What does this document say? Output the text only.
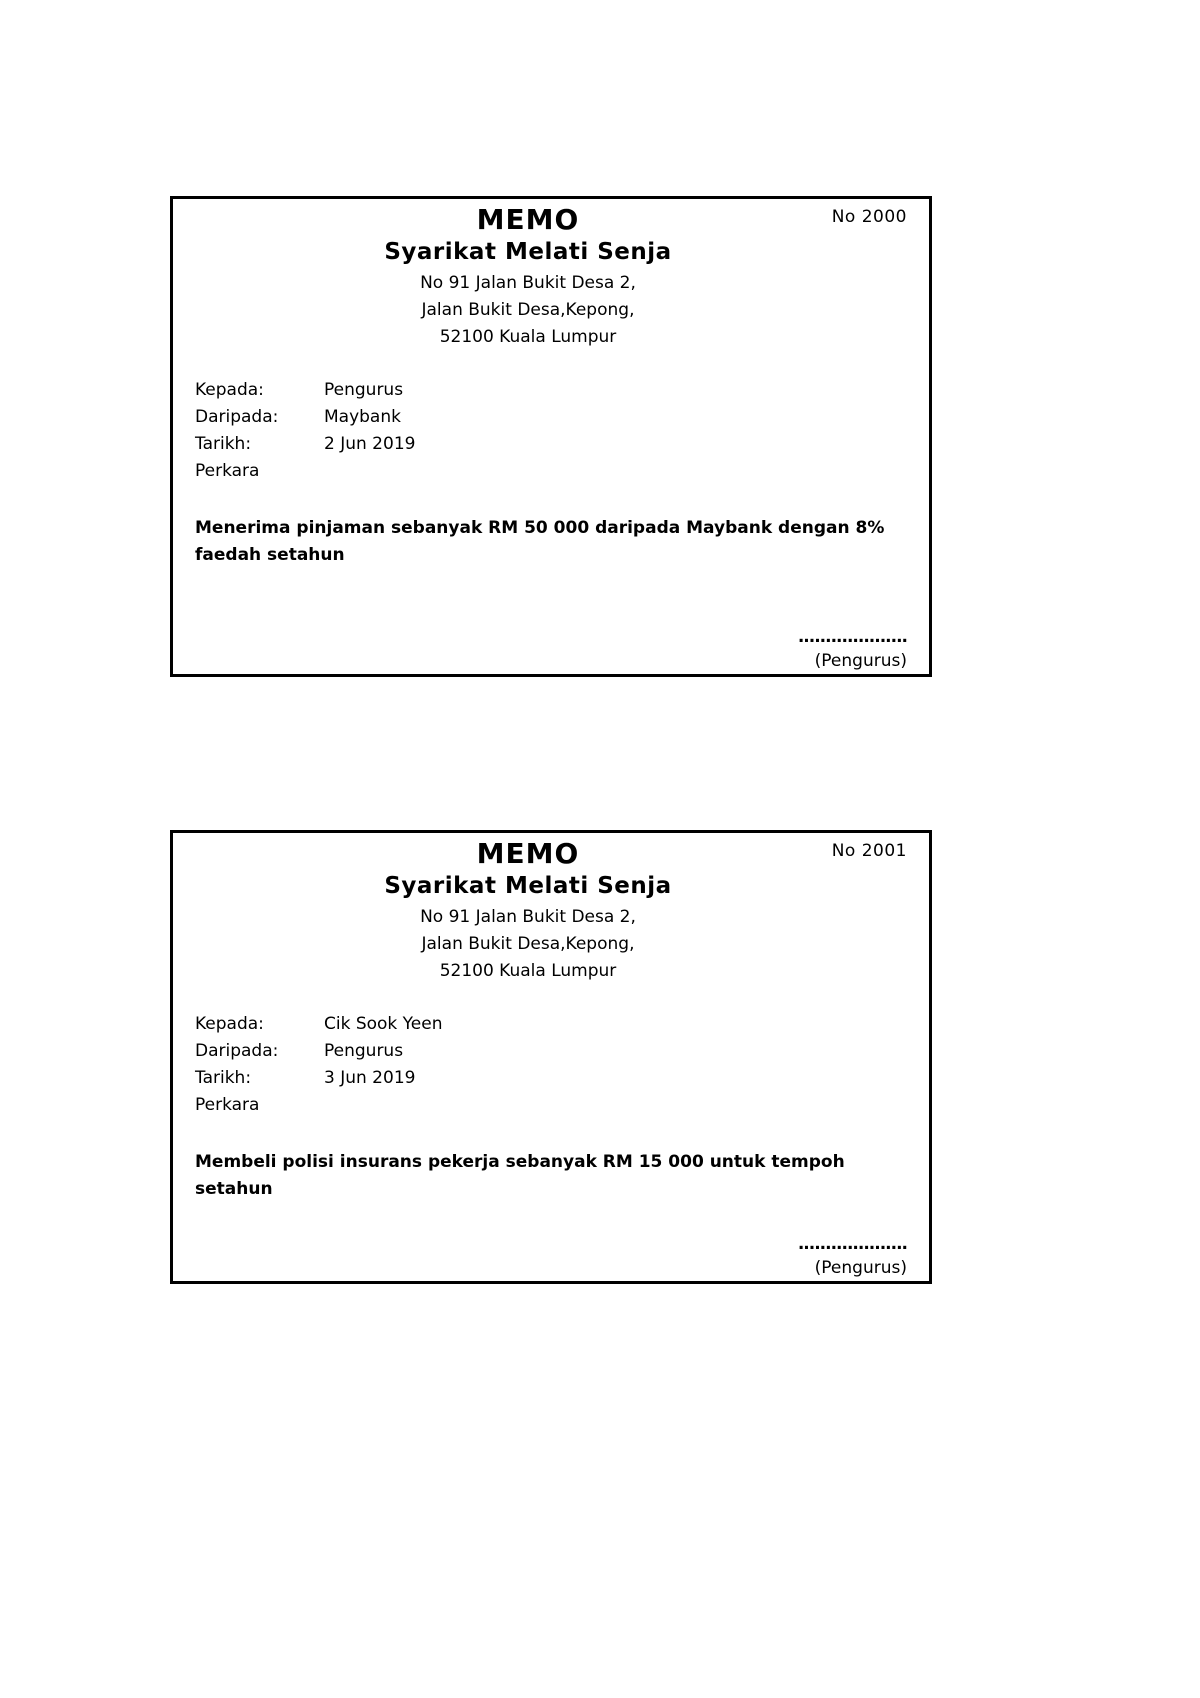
No 2000
MEMO
Syarikat Melati Senja
No 91 Jalan Bukit Desa 2,
Jalan Bukit Desa,Kepong,
52100 Kuala Lumpur
Kepada:	Pengurus
Daripada:	Maybank
Tarikh:	2 Jun 2019
Perkara
Menerima pinjaman sebanyak RM 50 000 daripada Maybank dengan 8% faedah setahun
....................
(Pengurus)
No 2001
MEMO
Syarikat Melati Senja
No 91 Jalan Bukit Desa 2,
Jalan Bukit Desa,Kepong,
52100 Kuala Lumpur
Kepada:	Cik Sook Yeen
Daripada:	Pengurus
Tarikh:	3 Jun 2019
Perkara
Membeli polisi insurans pekerja sebanyak RM 15 000 untuk tempoh setahun
....................
(Pengurus)
